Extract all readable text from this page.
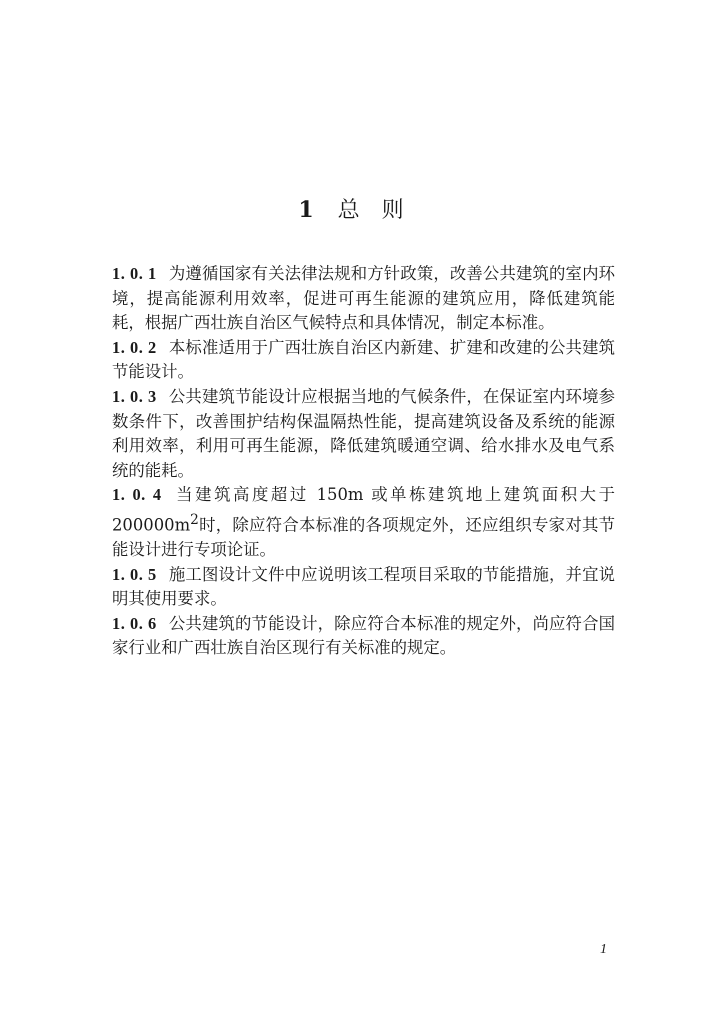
1 总则

1. 0. 1 为遵循国家有关法律法规和方针政策，改善公共建筑的室内环境，提高能源利用效率，促进可再生能源的建筑应用，降低建筑能耗，根据广西壮族自治区气候特点和具体情况，制定本标准。

1. 0. 2 本标准适用于广西壮族自治区内新建、扩建和改建的公共建筑节能设计。

1. 0. 3 公共建筑节能设计应根据当地的气候条件，在保证室内环境参数条件下，改善围护结构保温隔热性能，提高建筑设备及系统的能源利用效率，利用可再生能源，降低建筑暖通空调、给水排水及电气系统的能耗。

1. 0. 4 当建筑高度超过 150m 或单栋建筑地上建筑面积大于 $200000m^2$时，除应符合本标准的各项规定外，还应组织专家对其节能设计进行专项论证。

1. 0. 5 施工图设计文件中应说明该工程项目采取的节能措施，并宜说明其使用要求。

1. 0. 6 公共建筑的节能设计，除应符合本标准的规定外，尚应符合国家行业和广西壮族自治区现行有关标准的规定。

1
